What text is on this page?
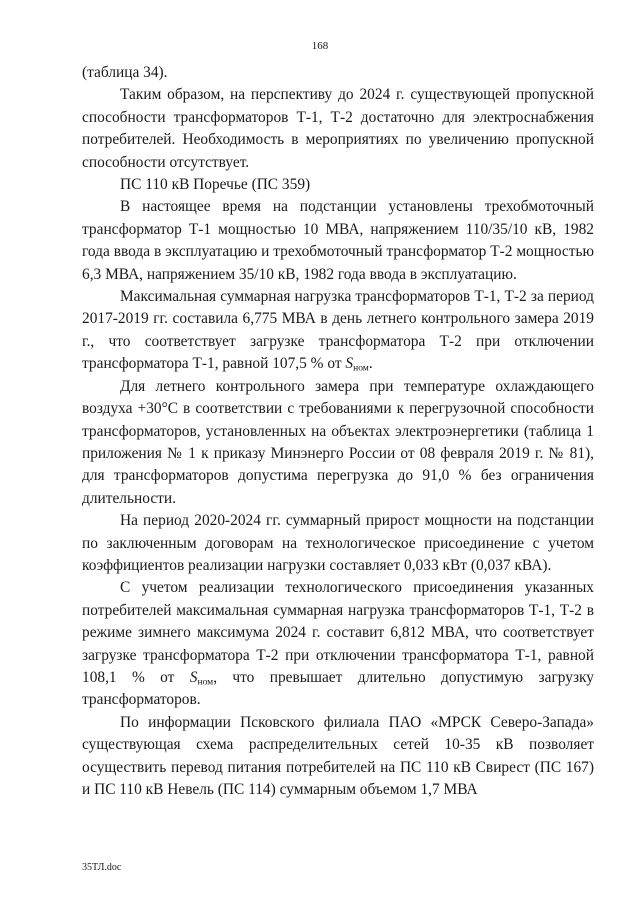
168

(таблица 34).

Таким образом, на перспективу до 2024 г. существующей пропускной способности трансформаторов Т-1, Т-2 достаточно для электроснабжения потребителей. Необходимость в мероприятиях по увеличению пропускной способности отсутствует.

ПС 110 кВ Поречье (ПС 359)

В настоящее время на подстанции установлены трехобмоточный трансформатор Т-1 мощностью 10 МВА, напряжением 110/35/10 кВ, 1982 года ввода в эксплуатацию и трехобмоточный трансформатор Т-2 мощностью 6,3 МВА, напряжением 35/10 кВ, 1982 года ввода в эксплуатацию.

Максимальная суммарная нагрузка трансформаторов Т-1, Т-2 за период 2017-2019 гг. составила 6,775 МВА в день летнего контрольного замера 2019 г., что соответствует загрузке трансформатора Т-2 при отключении трансформатора Т-1, равной 107,5 % от $S_{ном}$.

Для летнего контрольного замера при температуре охлаждающего воздуха +30°С в соответствии с требованиями к перегрузочной способности трансформаторов, установленных на объектах электроэнергетики (таблица 1 приложения № 1 к приказу Минэнерго России от 08 февраля 2019 г. № 81), для трансформаторов допустима перегрузка до 91,0 % без ограничения длительности.

На период 2020-2024 гг. суммарный прирост мощности на подстанции по заключенным договорам на технологическое присоединение с учетом коэффициентов реализации нагрузки составляет 0,033 кВт (0,037 кВА).

С учетом реализации технологического присоединения указанных потребителей максимальная суммарная нагрузка трансформаторов Т-1, Т-2 в режиме зимнего максимума 2024 г. составит 6,812 МВА, что соответствует загрузке трансформатора Т-2 при отключении трансформатора Т-1, равной 108,1 % от $S_{ном}$, что превышает длительно допустимую загрузку трансформаторов.

По информации Псковского филиала ПАО «МРСК Северо-Запада» существующая схема распределительных сетей 10-35 кВ позволяет осуществить перевод питания потребителей на ПС 110 кВ Свирест (ПС 167) и ПС 110 кВ Невель (ПС 114) суммарным объемом 1,7 МВА

35ТЛ.doc
